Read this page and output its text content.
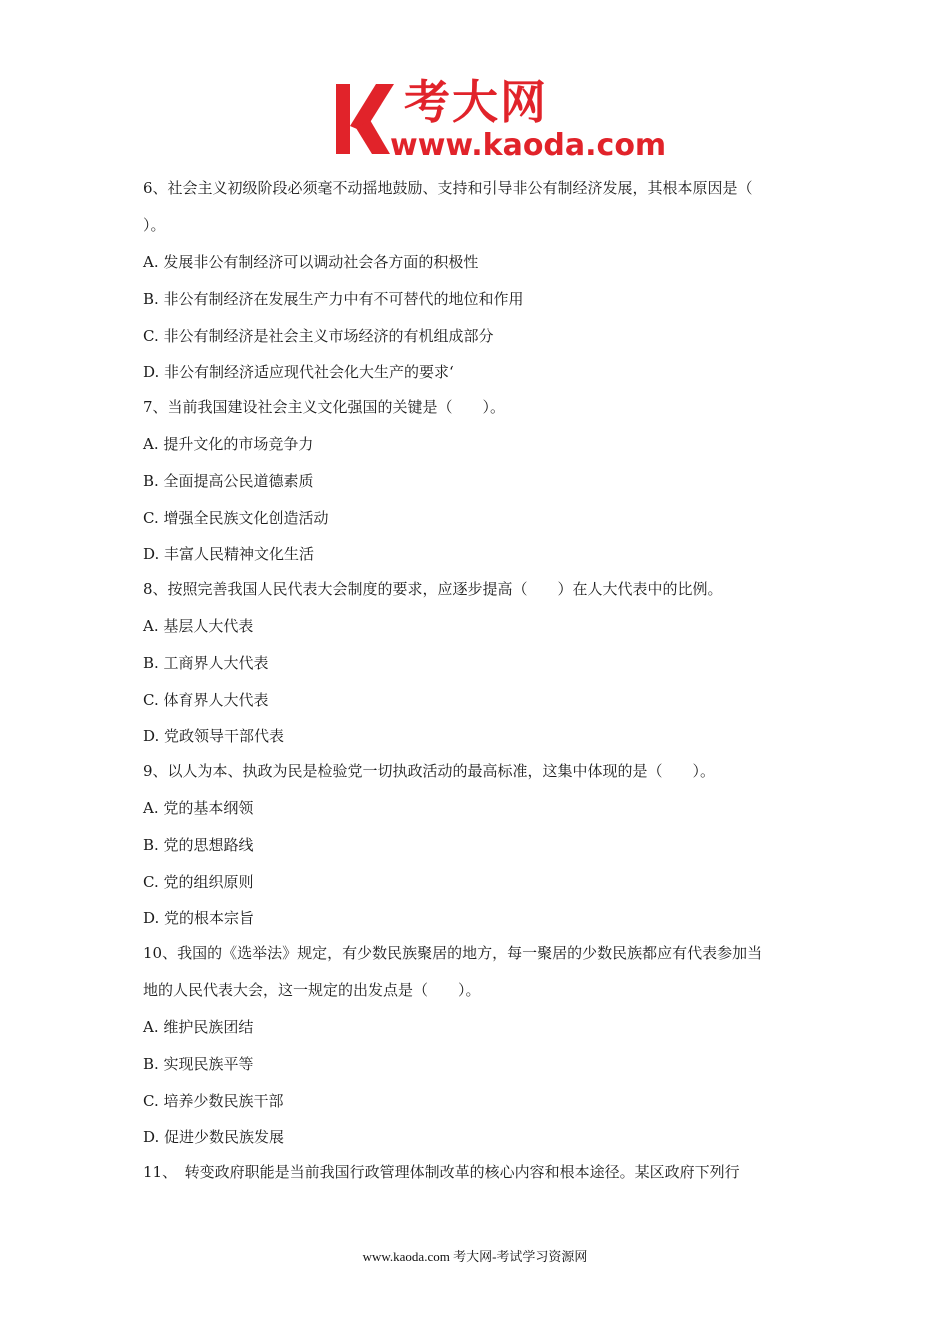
考大网
www.kaoda.com
6、社会主义初级阶段必须毫不动摇地鼓励、支持和引导非公有制经济发展，其根本原因是（
）。
A. 发展非公有制经济可以调动社会各方面的积极性
B. 非公有制经济在发展生产力中有不可替代的地位和作用
C. 非公有制经济是社会主义市场经济的有机组成部分
D. 非公有制经济适应现代社会化大生产的要求‘
7、当前我国建设社会主义文化强国的关键是（　　）。
A. 提升文化的市场竞争力
B. 全面提高公民道德素质
C. 增强全民族文化创造活动
D. 丰富人民精神文化生活
8、按照完善我国人民代表大会制度的要求，应逐步提高（　　）在人大代表中的比例。
A. 基层人大代表
B. 工商界人大代表
C. 体育界人大代表
D. 党政领导干部代表
9、以人为本、执政为民是检验党一切执政活动的最高标准，这集中体现的是（　　）。
A. 党的基本纲领
B. 党的思想路线
C. 党的组织原则
D. 党的根本宗旨
10、我国的《选举法》规定，有少数民族聚居的地方，每一聚居的少数民族都应有代表参加当
地的人民代表大会，这一规定的出发点是（　　）。
A. 维护民族团结
B. 实现民族平等
C. 培养少数民族干部
D. 促进少数民族发展
11、　转变政府职能是当前我国行政管理体制改革的核心内容和根本途径。某区政府下列行
www.kaoda.com 考大网-考试学习资源网
